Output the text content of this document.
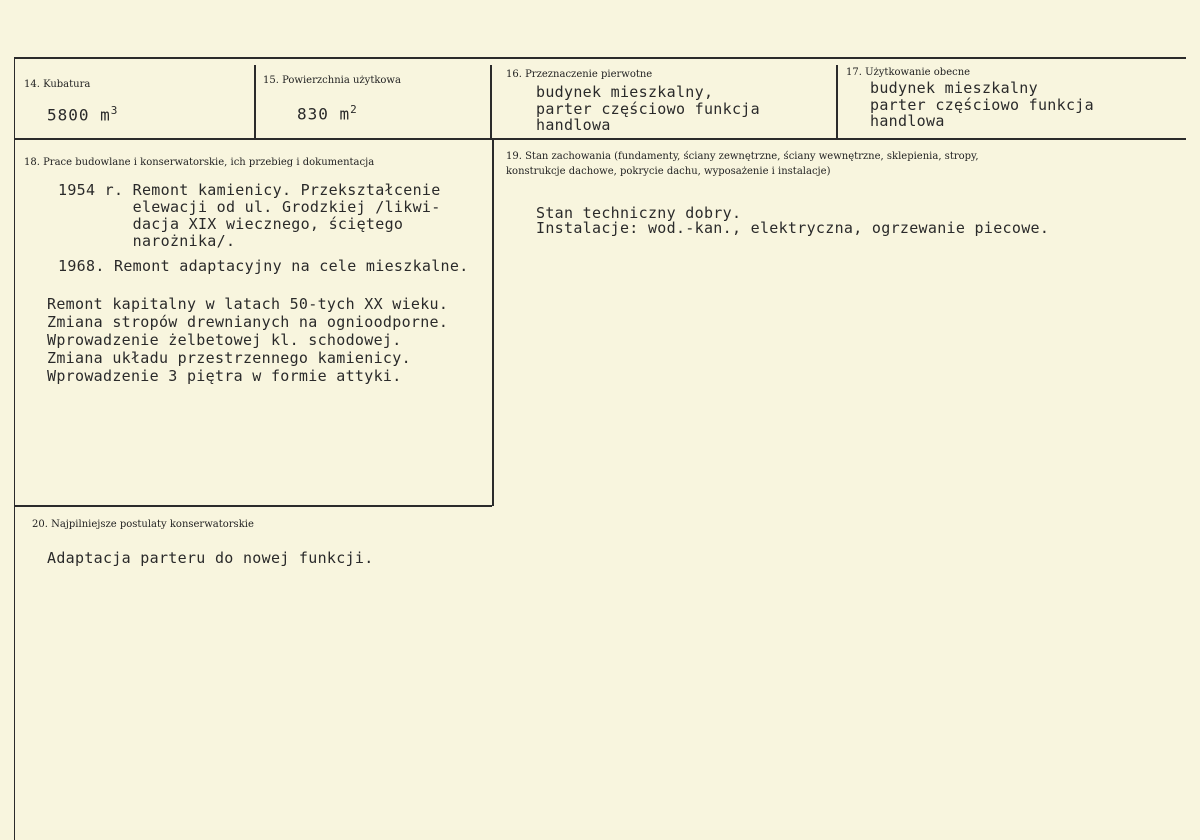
14. Kubatura
5800 $m^3$
15. Powierzchnia użytkowa
830 $m^2$
16. Przeznaczenie pierwotne
budynek mieszkalny,
parter częściowo funkcja
handlowa
17. Użytkowanie obecne
budynek mieszkalny
parter częściowo funkcja
handlowa
18. Prace budowlane i konserwatorskie, ich przebieg i dokumentacja
1954 r. Remont kamienicy. Przekształcenie
elewacji od ul. Grodzkiej /likwi-
dacja XIX wiecznego, ściętego
narożnika/.
1968. Remont adaptacyjny na cele mieszkalne.
Remont kapitalny w latach 50-tych XX wieku.
Zmiana stropów drewnianych na ognioodporne.
Wprowadzenie żelbetowej kl. schodowej.
Zmiana układu przestrzennego kamienicy.
Wprowadzenie 3 piętra w formie attyki.
19. Stan zachowania (fundamenty, ściany zewnętrzne, ściany wewnętrzne, sklepienia, stropy,
konstrukcje dachowe, pokrycie dachu, wyposażenie i instalacje)
Stan techniczny dobry.
Instalacje: wod.-kan., elektryczna, ogrzewanie piecowe.
20. Najpilniejsze postulaty konserwatorskie
Adaptacja parteru do nowej funkcji.
